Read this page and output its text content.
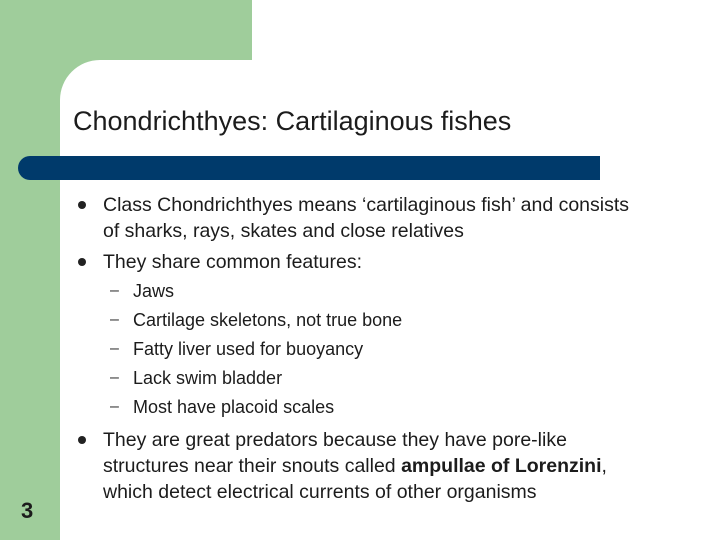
Chondrichthyes: Cartilaginous fishes
Class Chondrichthyes means ‘cartilaginous fish’ and consists of sharks, rays, skates and close relatives
They share common features:
– Jaws
– Cartilage skeletons, not true bone
– Fatty liver used for buoyancy
– Lack swim bladder
– Most have placoid scales
They are great predators because they have pore-like structures near their snouts called ampullae of Lorenzini, which detect electrical currents of other organisms
3
